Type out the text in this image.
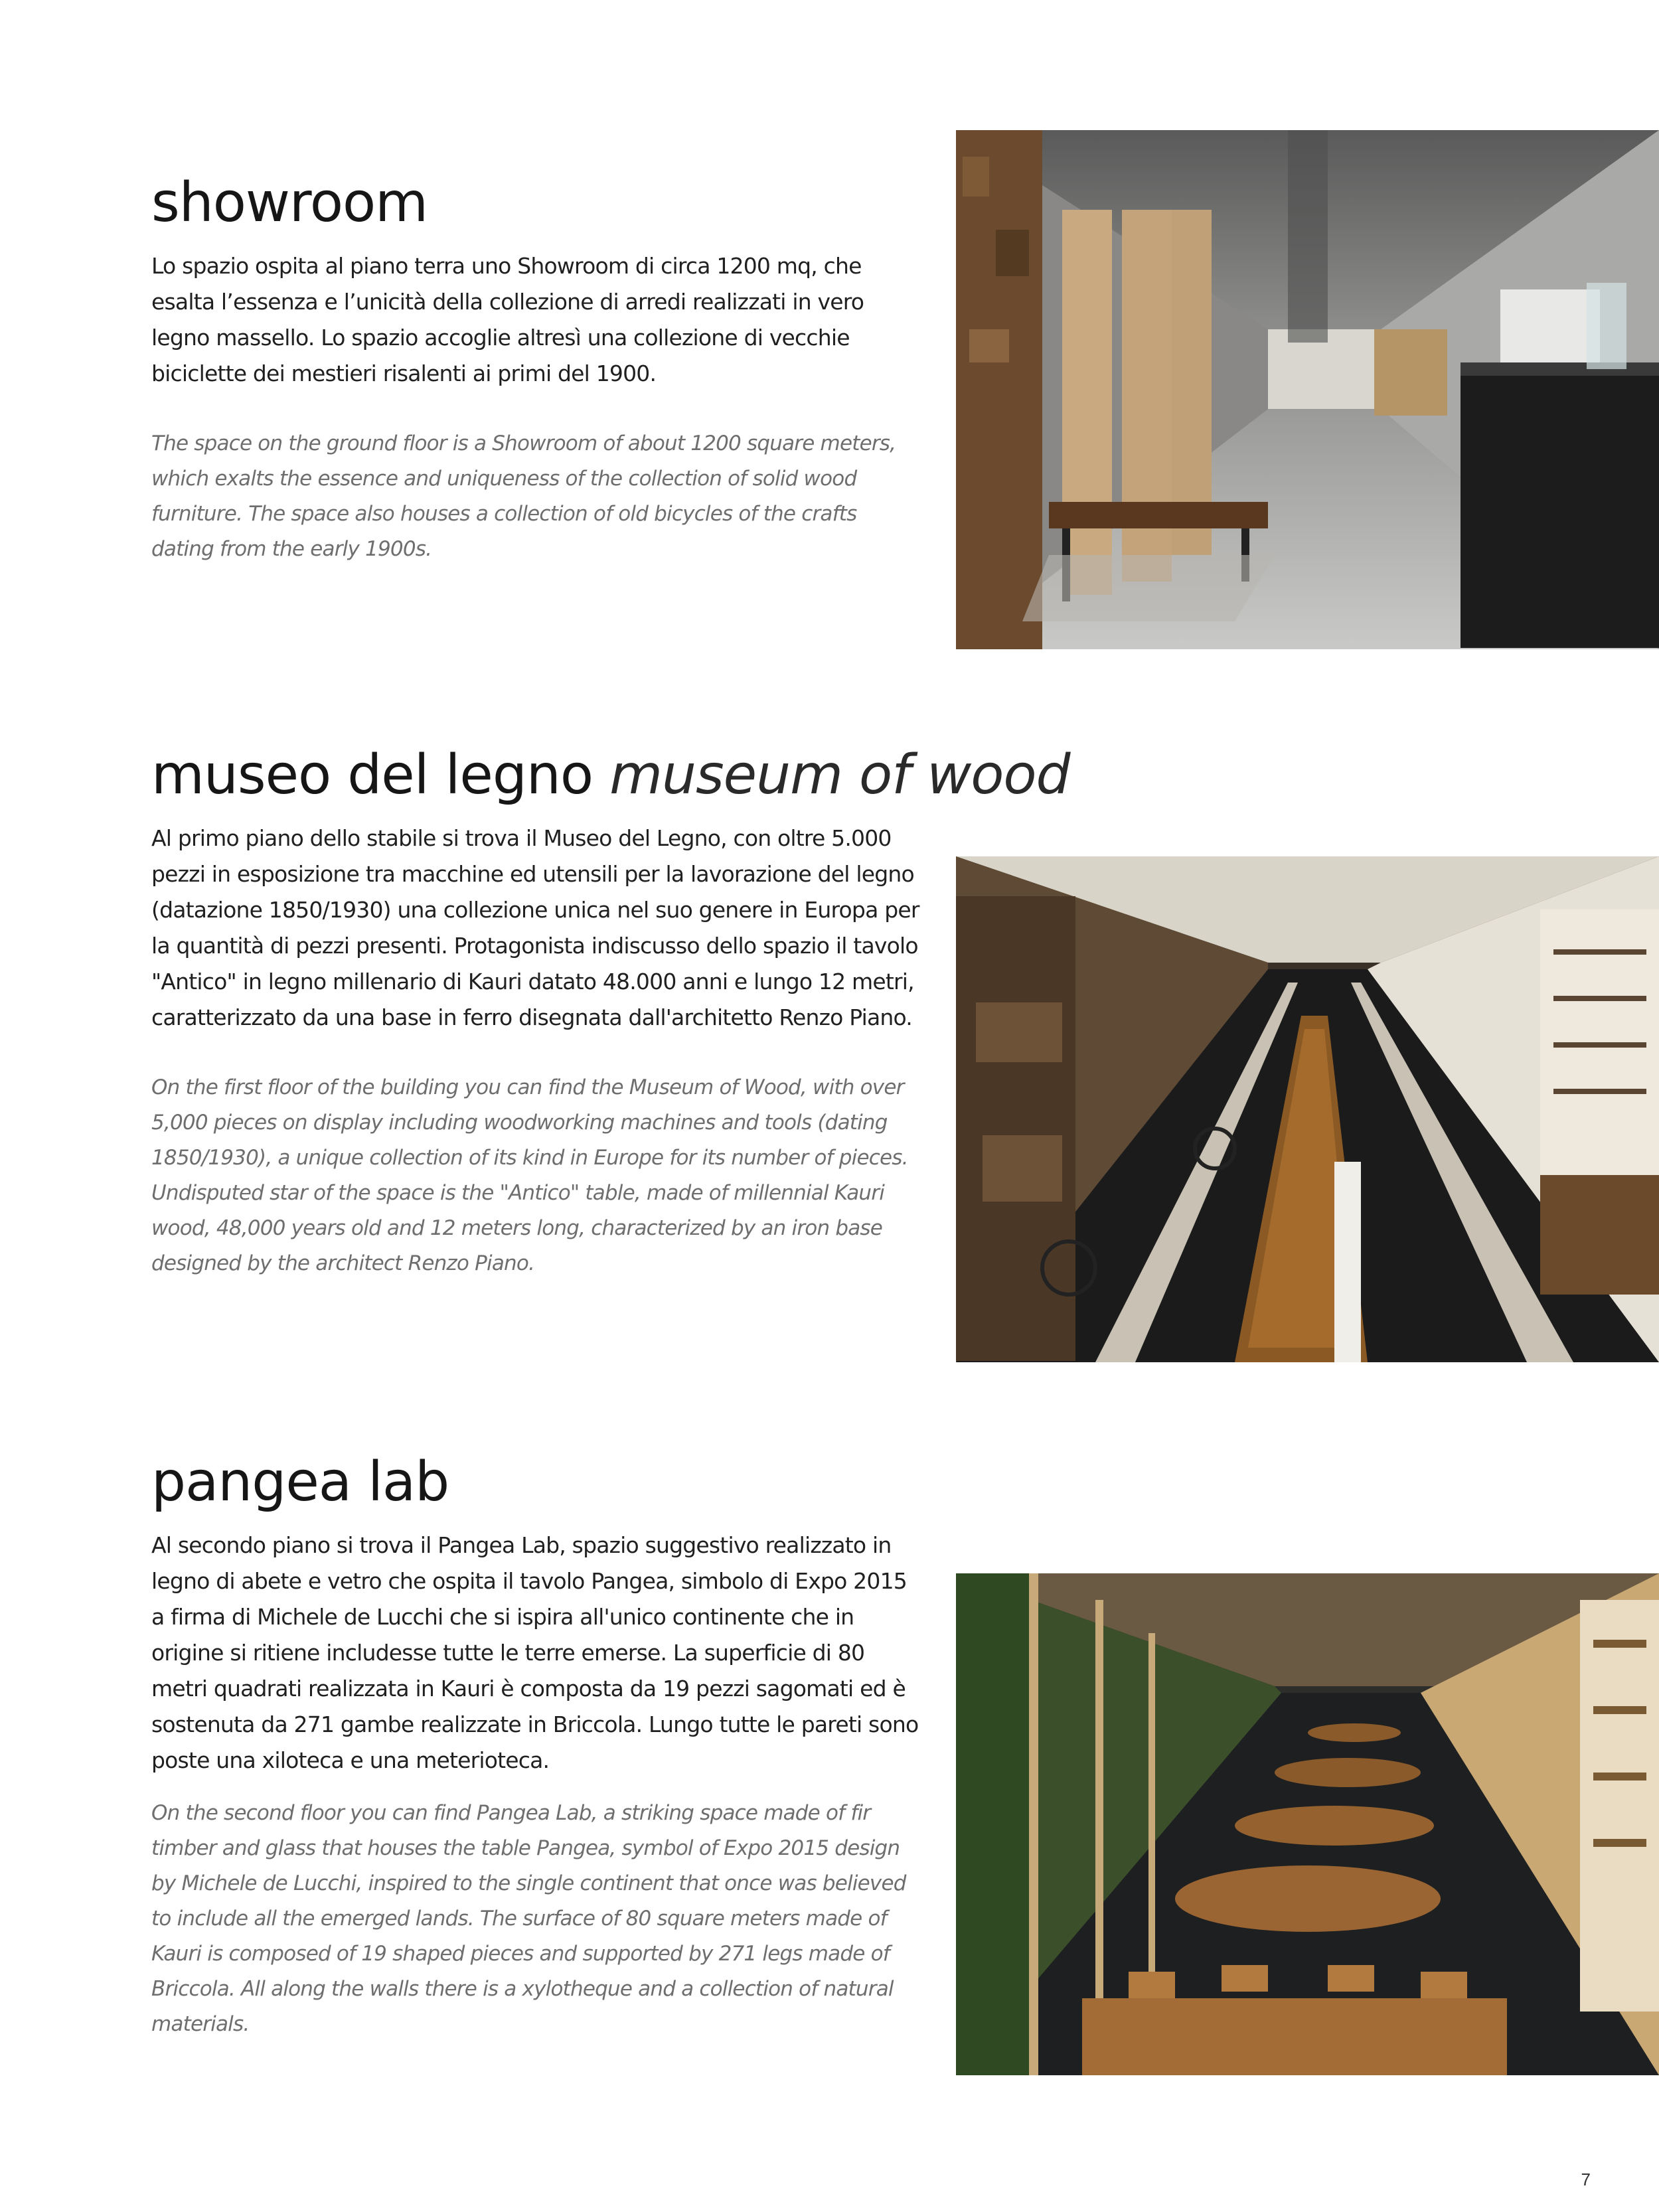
showroom

Lo spazio ospita al piano terra uno Showroom di circa 1200 mq, che esalta l’essenza e l’unicità della collezione di arredi realizzati in vero legno massello. Lo spazio accoglie altresì una collezione di vecchie biciclette dei mestieri risalenti ai primi del 1900.

The space on the ground floor is a Showroom of about 1200 square meters, which exalts the essence and uniqueness of the collection of solid wood furniture. The space also houses a collection of old bicycles of the crafts dating from the early 1900s.

museo del legno museum of wood

Al primo piano dello stabile si trova il Museo del Legno, con oltre 5.000 pezzi in esposizione tra macchine ed utensili per la lavorazione del legno (datazione 1850/1930) una collezione unica nel suo genere in Europa per la quantità di pezzi presenti. Protagonista indiscusso dello spazio il tavolo "Antico" in legno millenario di Kauri datato 48.000 anni e lungo 12 metri, caratterizzato da una base in ferro disegnata dall'architetto Renzo Piano.

On the first floor of the building you can find the Museum of Wood, with over 5,000 pieces on display including woodworking machines and tools (dating 1850/1930), a unique collection of its kind in Europe for its number of pieces. Undisputed star of the space is the "Antico" table, made of millennial Kauri wood, 48,000 years old and 12 meters long, characterized by an iron base designed by the architect Renzo Piano.

pangea lab

Al secondo piano si trova il Pangea Lab, spazio suggestivo realizzato in legno di abete e vetro che ospita il tavolo Pangea, simbolo di Expo 2015 a firma di Michele de Lucchi che si ispira all'unico continente che in origine si ritiene includesse tutte le terre emerse. La superficie di 80 metri quadrati realizzata in Kauri è composta da 19 pezzi sagomati ed è sostenuta da 271 gambe realizzate in Briccola. Lungo tutte le pareti sono poste una xiloteca e una meterioteca.

On the second floor you can find Pangea Lab, a striking space made of fir timber and glass that houses the table Pangea, symbol of Expo 2015 design by Michele de Lucchi, inspired to the single continent that once was believed to include all the emerged lands. The surface of 80 square meters made of Kauri is composed of 19 shaped pieces and supported by 271 legs made of Briccola. All along the walls there is a xylotheque and a collection of natural materials.

7
